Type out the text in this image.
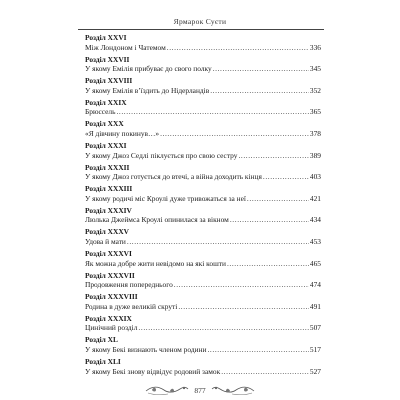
Ярмарок Суєти
Розділ XXVI
Між Лондоном і Чатемом .....	336
Розділ XXVII
У якому Емілія прибуває до свого полку .....	345
Розділ XXVIII
У якому Емілія вʼїздить до Нідерландів .....	352
Розділ XXIX
Брюссель .....	365
Розділ XXX
«Я дівчину покинув…» .....	378
Розділ XXXI
У якому Джоз Седлі піклується про свою сестру .....	389
Розділ XXXII
У якому Джоз готується до втечі, а війна доходить кінця .....	403
Розділ XXXIII
У якому родичі міс Кроулі дуже тривожаться за неї .....	421
Розділ XXXIV
Люлька Джеймса Кроулі опинилася за вікном .....	434
Розділ XXXV
Удова й мати .....	453
Розділ XXXVI
Як можна добре жити невідомо на які кошти .....	465
Розділ XXXVII
Продовження попереднього .....	474
Розділ XXXVIII
Родина в дуже великій скруті .....	491
Розділ XXXIX
Цинічний розділ .....	507
Розділ XL
У якому Бекі визнають членом родини .....	517
Розділ XLI
У якому Бекі знову відвідує родовий замок .....	527
877
